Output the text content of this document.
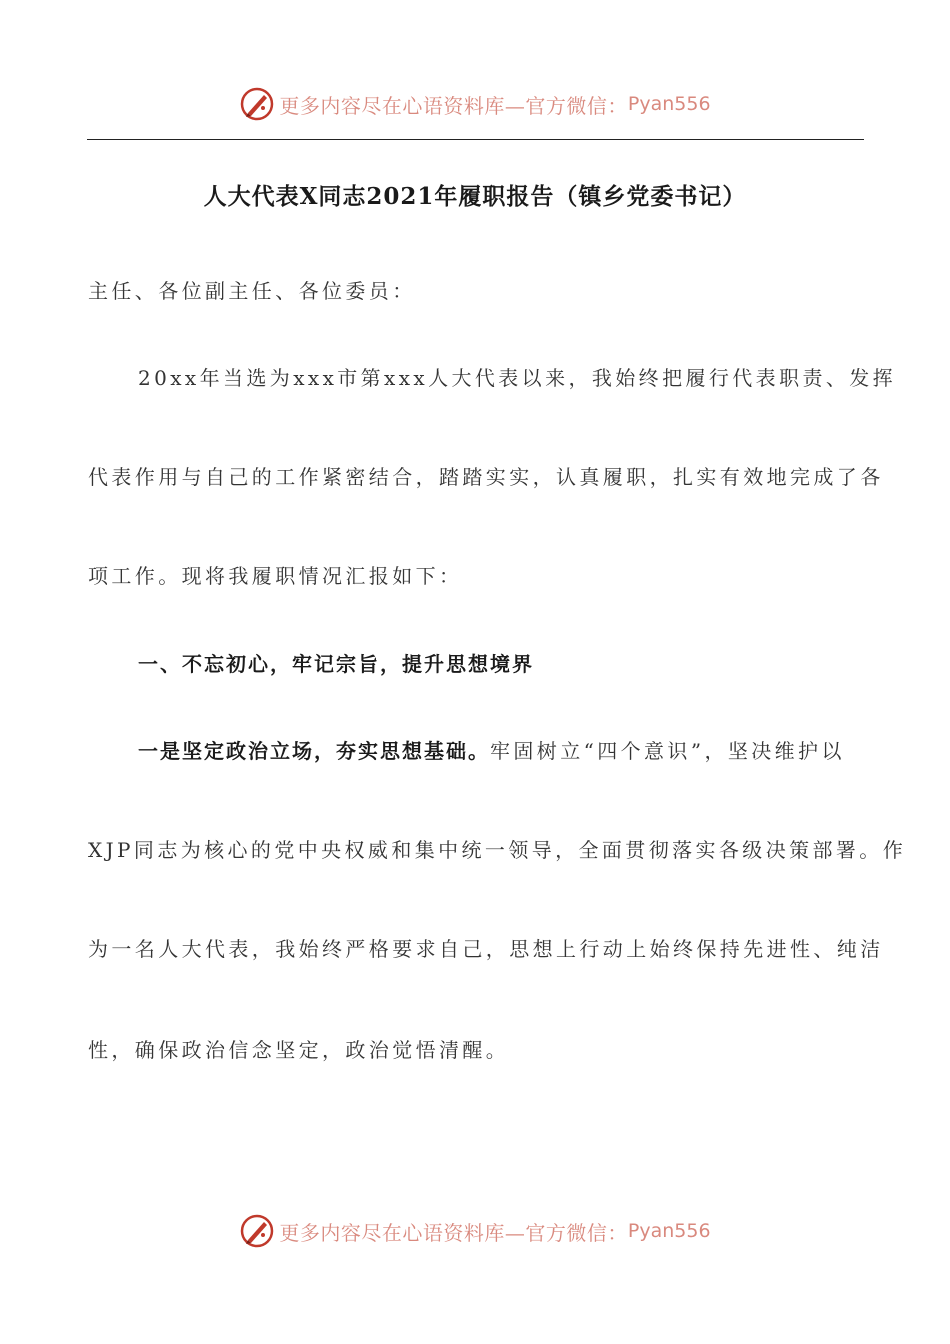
更多内容尽在心语资料库—官方微信： Pyan556
人大代表X同志2021年履职报告（镇乡党委书记）
主任、各位副主任、各位委员：
20xx年当选为xxx市第xxx人大代表以来，我始终把履行代表职责、发挥
代表作用与自己的工作紧密结合，踏踏实实，认真履职，扎实有效地完成了各
项工作。现将我履职情况汇报如下：
一、不忘初心，牢记宗旨，提升思想境界
一是坚定政治立场，夯实思想基础。牢固树立“四个意识”，坚决维护以
XJP同志为核心的党中央权威和集中统一领导，全面贯彻落实各级决策部署。作
为一名人大代表，我始终严格要求自己，思想上行动上始终保持先进性、纯洁
性，确保政治信念坚定，政治觉悟清醒。
更多内容尽在心语资料库—官方微信： Pyan556
